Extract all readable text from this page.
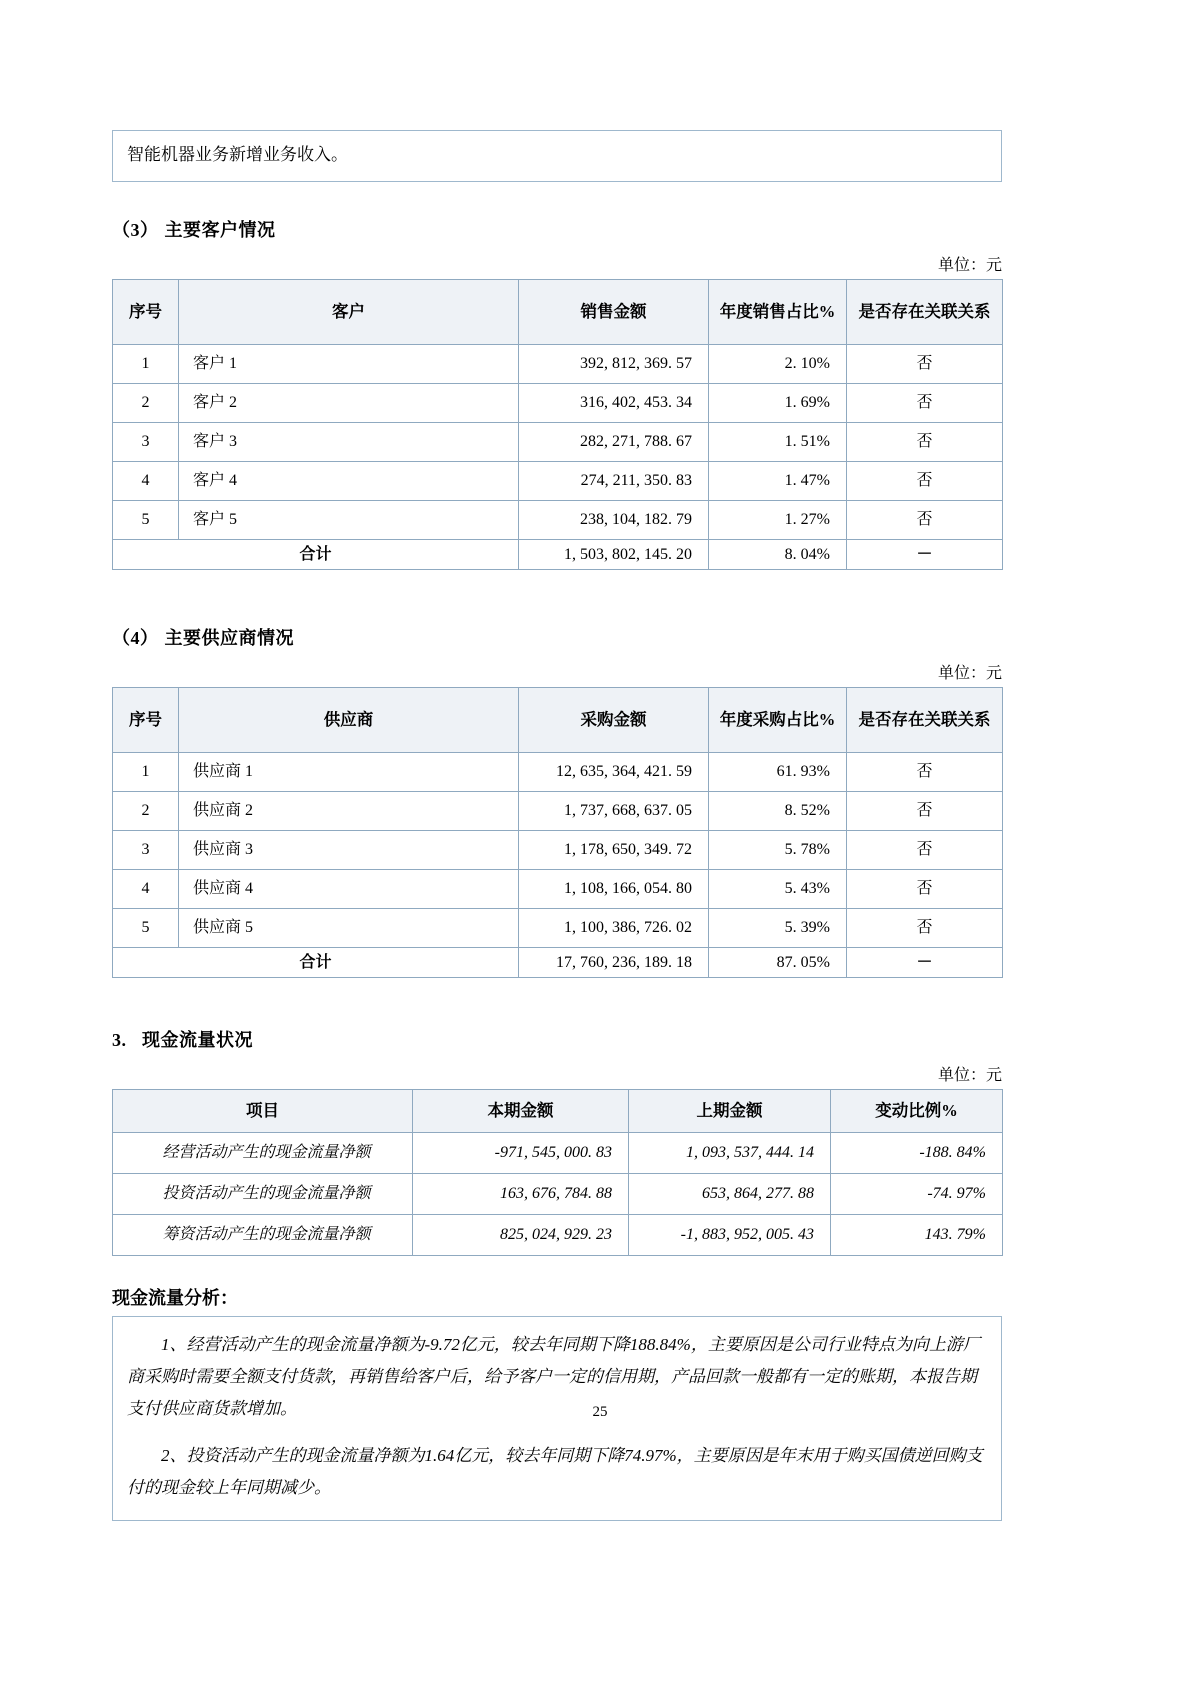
智能机器业务新增业务收入。
（3） 主要客户情况
单位：元
序号	客户	销售金额	年度销售占比%	是否存在关联关系
1	客户 1	392, 812, 369. 57	2. 10%	否
2	客户 2	316, 402, 453. 34	1. 69%	否
3	客户 3	282, 271, 788. 67	1. 51%	否
4	客户 4	274, 211, 350. 83	1. 47%	否
5	客户 5	238, 104, 182. 79	1. 27%	否
合计		1, 503, 802, 145. 20	8. 04%	－
（4） 主要供应商情况
单位：元
序号	供应商	采购金额	年度采购占比%	是否存在关联关系
1	供应商 1	12, 635, 364, 421. 59	61. 93%	否
2	供应商 2	1, 737, 668, 637. 05	8. 52%	否
3	供应商 3	1, 178, 650, 349. 72	5. 78%	否
4	供应商 4	1, 108, 166, 054. 80	5. 43%	否
5	供应商 5	1, 100, 386, 726. 02	5. 39%	否
合计		17, 760, 236, 189. 18	87. 05%	－
3. 现金流量状况
单位：元
项目	本期金额	上期金额	变动比例%
经营活动产生的现金流量净额	-971, 545, 000. 83	1, 093, 537, 444. 14	-188. 84%
投资活动产生的现金流量净额	163, 676, 784. 88	653, 864, 277. 88	-74. 97%
筹资活动产生的现金流量净额	825, 024, 929. 23	-1, 883, 952, 005. 43	143. 79%
现金流量分析：

1、经营活动产生的现金流量净额为-9.72亿元，较去年同期下降188.84%，主要原因是公司行业特点为向上游厂商采购时需要全额支付货款，再销售给客户后，给予客户一定的信用期，产品回款一般都有一定的账期，本报告期支付供应商货款增加。

2、投资活动产生的现金流量净额为1.64亿元，较去年同期下降74.97%，主要原因是年末用于购买国债逆回购支付的现金较上年同期减少。

25
